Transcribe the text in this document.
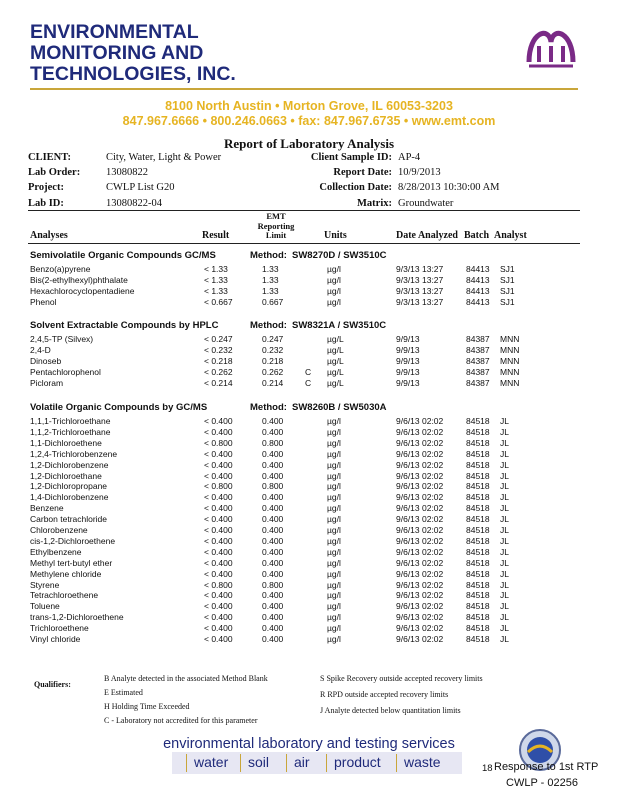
ENVIRONMENTAL
MONITORING AND
TECHNOLOGIES, INC.
8100 North Austin • Morton Grove, IL 60053-3203
847.967.6666 • 800.246.0663 • fax: 847.967.6735 • www.emt.com
Report of Laboratory Analysis
CLIENT:	City, Water, Light & Power
Lab Order: 13080822
Project:	CWLP List G20
Lab ID:	13080822-04
Client Sample ID: AP-4
Report Date: 10/9/2013
Collection Date: 8/28/2013 10:30:00 AM
Matrix: Groundwater
Analyses	Result
EMT
Reporting
Limit	Units	Date Analyzed Batch Analyst
Semivolatile Organic Compounds GC/MS	Method: SW8270D / SW3510C
Benzo(a)pyrene	< 1.33	1.33	µg/l	9/3/13 13:27	84413 SJ1
Bis(2-ethylhexyl)phthalate	< 1.33	1.33	µg/l	9/3/13 13:27	84413 SJ1
Hexachlorocyclopentadiene	< 1.33	1.33	µg/l	9/3/13 13:27	84413 SJ1
Phenol	< 0.667	0.667	µg/l	9/3/13 13:27	84413 SJ1
Solvent Extractable Compounds by HPLC	Method: SW8321A / SW3510C
2,4,5-TP (Silvex)	< 0.247	0.247	µg/L	9/9/13	84387 MNN
2,4-D	< 0.232	0.232	µg/L	9/9/13	84387 MNN
Dinoseb	< 0.218	0.218	µg/L	9/9/13	84387 MNN
Pentachlorophenol	< 0.262	0.262	C µg/L	9/9/13	84387 MNN
Picloram	< 0.214	0.214	C µg/L	9/9/13	84387 MNN
Volatile Organic Compounds by GC/MS	Method: SW8260B / SW5030A
1,1,1-Trichloroethane	< 0.400	0.400	µg/l	9/6/13 02:02	84518 JL
1,1,2-Trichloroethane	< 0.400	0.400	µg/l	9/6/13 02:02	84518 JL
1,1-Dichloroethene	< 0.800	0.800	µg/l	9/6/13 02:02	84518 JL
1,2,4-Trichlorobenzene	< 0.400	0.400	µg/l	9/6/13 02:02	84518 JL
1,2-Dichlorobenzene	< 0.400	0.400	µg/l	9/6/13 02:02	84518 JL
1,2-Dichloroethane	< 0.400	0.400	µg/l	9/6/13 02:02	84518 JL
1,2-Dichloropropane	< 0.800	0.800	µg/l	9/6/13 02:02	84518 JL
1,4-Dichlorobenzene	< 0.400	0.400	µg/l	9/6/13 02:02	84518 JL
Benzene	< 0.400	0.400	µg/l	9/6/13 02:02	84518 JL
Carbon tetrachloride	< 0.400	0.400	µg/l	9/6/13 02:02	84518 JL
Chlorobenzene	< 0.400	0.400	µg/l	9/6/13 02:02	84518 JL
cis-1,2-Dichloroethene	< 0.400	0.400	µg/l	9/6/13 02:02	84518 JL
Ethylbenzene	< 0.400	0.400	µg/l	9/6/13 02:02	84518 JL
Methyl tert-butyl ether	< 0.400	0.400	µg/l	9/6/13 02:02	84518 JL
Methylene chloride	< 0.400	0.400	µg/l	9/6/13 02:02	84518 JL
Styrene	< 0.800	0.800	µg/l	9/6/13 02:02	84518 JL
Tetrachloroethene	< 0.400	0.400	µg/l	9/6/13 02:02	84518 JL
Toluene	< 0.400	0.400	µg/l	9/6/13 02:02	84518 JL
trans-1,2-Dichloroethene	< 0.400	0.400	µg/l	9/6/13 02:02	84518 JL
Trichloroethene	< 0.400	0.400	µg/l	9/6/13 02:02	84518 JL
Vinyl chloride	< 0.400	0.400	µg/l	9/6/13 02:02	84518 JL
Qualifiers:
B Analyte detected in the associated Method Blank
E Estimated
H Holding Time Exceeded
C - Laboratory not accredited for this parameter
S Spike Recovery outside accepted recovery limits
R RPD outside accepted recovery limits
J Analyte detected below quantitation limits
environmental laboratory and testing services
water soil air product waste	18 Response to 1st RTP
CWLP - 02256
